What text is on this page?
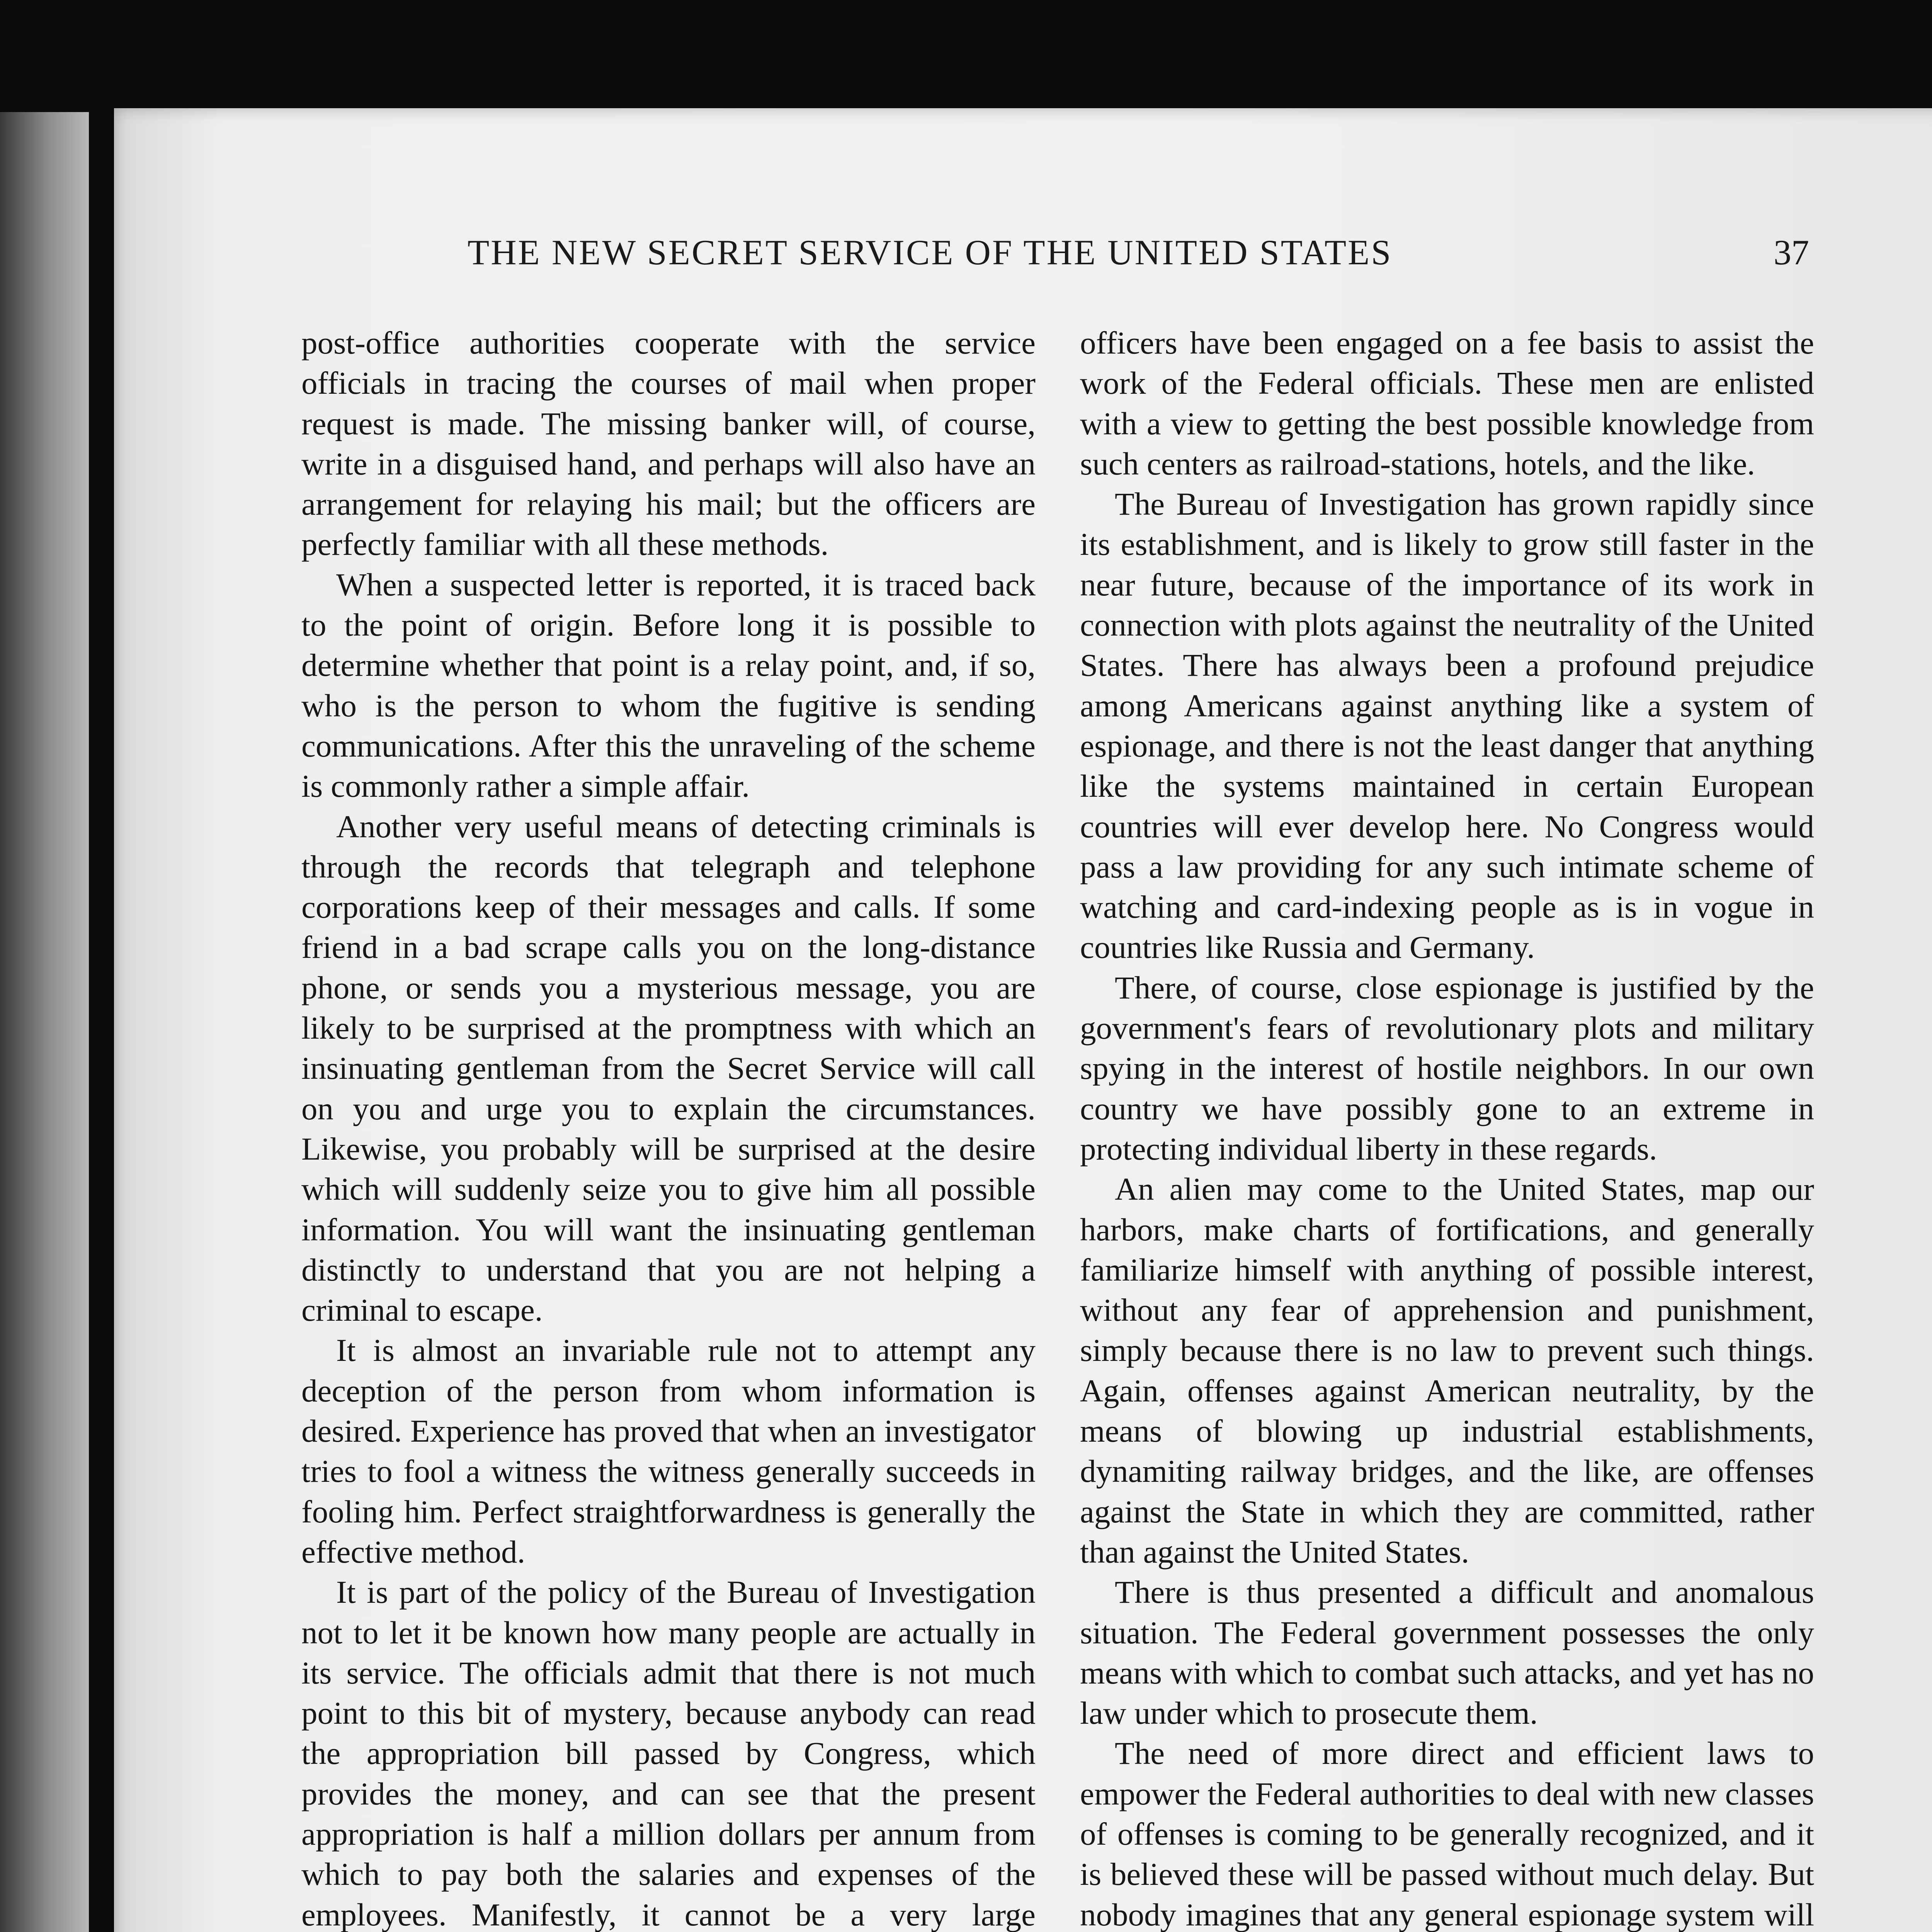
THE NEW SECRET SERVICE OF THE UNITED STATES	37

post-office authorities cooperate with the service officials in tracing the courses of mail when proper request is made. The missing banker will, of course, write in a disguised hand, and perhaps will also have an arrangement for relaying his mail; but the officers are perfectly familiar with all these methods.

When a suspected letter is reported, it is traced back to the point of origin. Before long it is possible to determine whether that point is a relay point, and, if so, who is the person to whom the fugitive is sending communications. After this the unraveling of the scheme is commonly rather a simple affair.

Another very useful means of detecting criminals is through the records that telegraph and telephone corporations keep of their messages and calls. If some friend in a bad scrape calls you on the long-distance phone, or sends you a mysterious message, you are likely to be surprised at the promptness with which an insinuating gentleman from the Secret Service will call on you and urge you to explain the circumstances. Likewise, you probably will be surprised at the desire which will suddenly seize you to give him all possible information. You will want the insinuating gentleman distinctly to understand that you are not helping a criminal to escape.

It is almost an invariable rule not to attempt any deception of the person from whom information is desired. Experience has proved that when an investigator tries to fool a witness the witness generally succeeds in fooling him. Perfect straightforwardness is generally the effective method.

It is part of the policy of the Bureau of Investigation not to let it be known how many people are actually in its service. The officials admit that there is not much point to this bit of mystery, because anybody can read the appropriation bill passed by Congress, which provides the money, and can see that the present appropriation is half a million dollars per annum from which to pay both the salaries and expenses of the employees. Manifestly, it cannot be a very large

officers have been engaged on a fee basis to assist the work of the Federal officials. These men are enlisted with a view to getting the best possible knowledge from such centers as railroad-stations, hotels, and the like.

The Bureau of Investigation has grown rapidly since its establishment, and is likely to grow still faster in the near future, because of the importance of its work in connection with plots against the neutrality of the United States. There has always been a profound prejudice among Americans against anything like a system of espionage, and there is not the least danger that anything like the systems maintained in certain European countries will ever develop here. No Congress would pass a law providing for any such intimate scheme of watching and card-indexing people as is in vogue in countries like Russia and Germany.

There, of course, close espionage is justified by the government's fears of revolutionary plots and military spying in the interest of hostile neighbors. In our own country we have possibly gone to an extreme in protecting individual liberty in these regards.

An alien may come to the United States, map our harbors, make charts of fortifications, and generally familiarize himself with anything of possible interest, without any fear of apprehension and punishment, simply because there is no law to prevent such things. Again, offenses against American neutrality, by the means of blowing up industrial establishments, dynamiting railway bridges, and the like, are offenses against the State in which they are committed, rather than against the United States.

There is thus presented a difficult and anomalous situation. The Federal government possesses the only means with which to combat such attacks, and yet has no law under which to prosecute them.

The need of more direct and efficient laws to empower the Federal authorities to deal with new classes of offenses is coming to be generally recognized, and it is believed these will be passed without much delay. But nobody imagines that any general espionage system will
